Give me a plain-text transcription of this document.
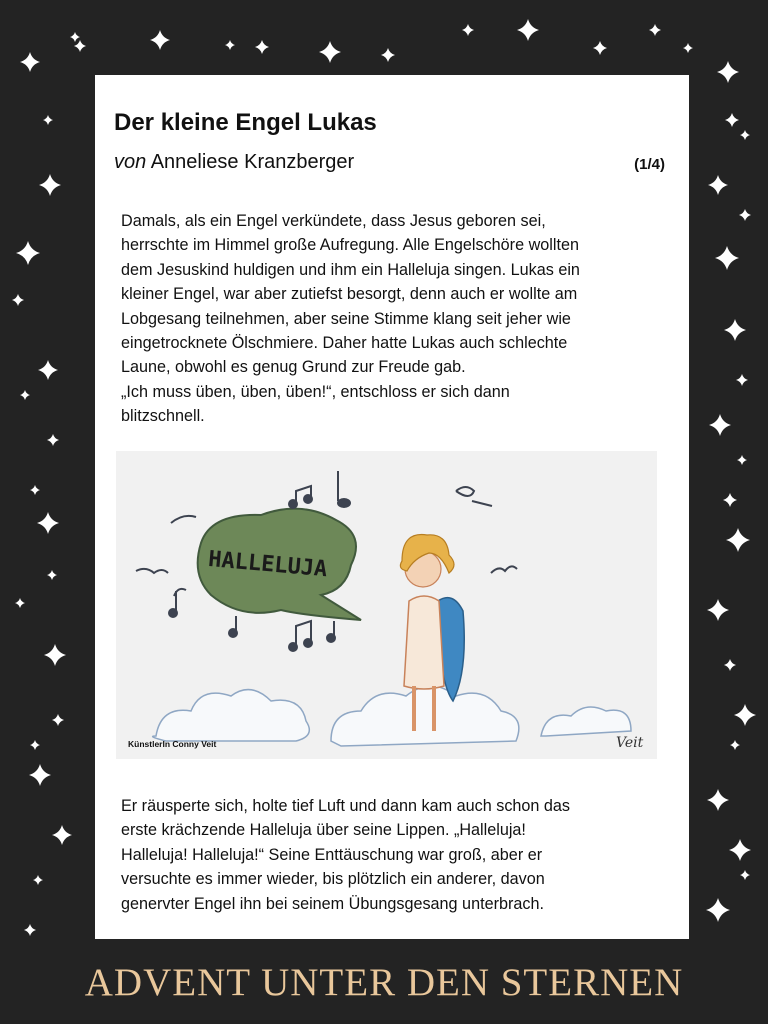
Der kleine Engel Lukas
von Anneliese Kranzberger	(1/4)

Damals, als ein Engel verkündete, dass Jesus geboren sei,
herrschte im Himmel große Aufregung. Alle Engelschöre wollten
dem Jesuskind huldigen und ihm ein Halleluja singen. Lukas ein
kleiner Engel, war aber zutiefst besorgt, denn auch er wollte am
Lobgesang teilnehmen, aber seine Stimme klang seit jeher wie
eingetrocknete Ölschmiere. Daher hatte Lukas auch schlechte
Laune, obwohl es genug Grund zur Freude gab.
„Ich muss üben, üben, üben!“, entschloss er sich dann
blitzschnell.

HALLELUJA
Veit
KünstlerIn Conny Veit

Er räusperte sich, holte tief Luft und dann kam auch schon das
erste krächzende Halleluja über seine Lippen. „Halleluja!
Halleluja! Halleluja!“ Seine Enttäuschung war groß, aber er
versuchte es immer wieder, bis plötzlich ein anderer, davon
genervter Engel ihn bei seinem Übungsgesang unterbrach.

ADVENT UNTER DEN STERNEN
